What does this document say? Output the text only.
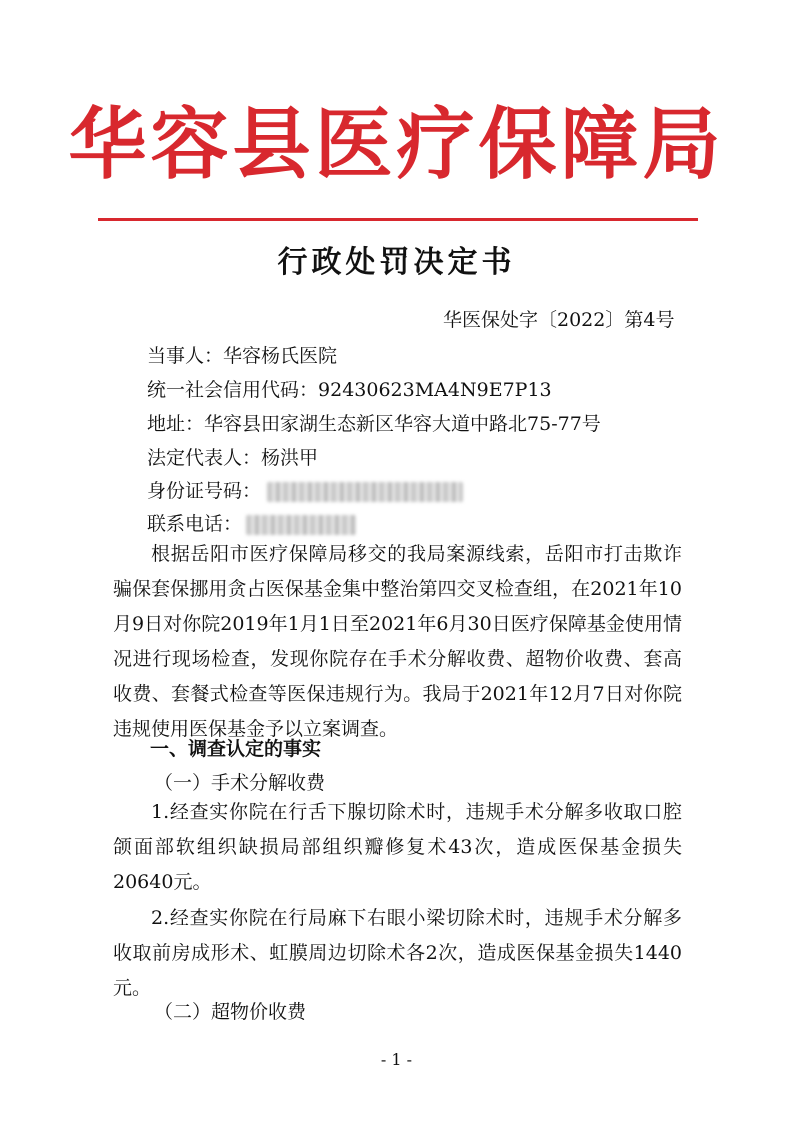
华容县医疗保障局
行政处罚决定书
华医保处字〔2022〕第4号
当事人：华容杨氏医院
统一社会信用代码：92430623MA4N9E7P13
地址：华容县田家湖生态新区华容大道中路北75-77号
法定代表人：杨洪甲
身份证号码：
联系电话：

根据岳阳市医疗保障局移交的我局案源线索，岳阳市打击欺诈骗保套保挪用贪占医保基金集中整治第四交叉检查组，在2021年10月9日对你院2019年1月1日至2021年6月30日医疗保障基金使用情况进行现场检查，发现你院存在手术分解收费、超物价收费、套高收费、套餐式检查等医保违规行为。我局于2021年12月7日对你院违规使用医保基金予以立案调查。

一、调查认定的事实
（一）手术分解收费

1.经查实你院在行舌下腺切除术时，违规手术分解多收取口腔颌面部软组织缺损局部组织瓣修复术43次，造成医保基金损失20640元。

2.经查实你院在行局麻下右眼小梁切除术时，违规手术分解多收取前房成形术、虹膜周边切除术各2次，造成医保基金损失1440元。

（二）超物价收费
- 1 -
